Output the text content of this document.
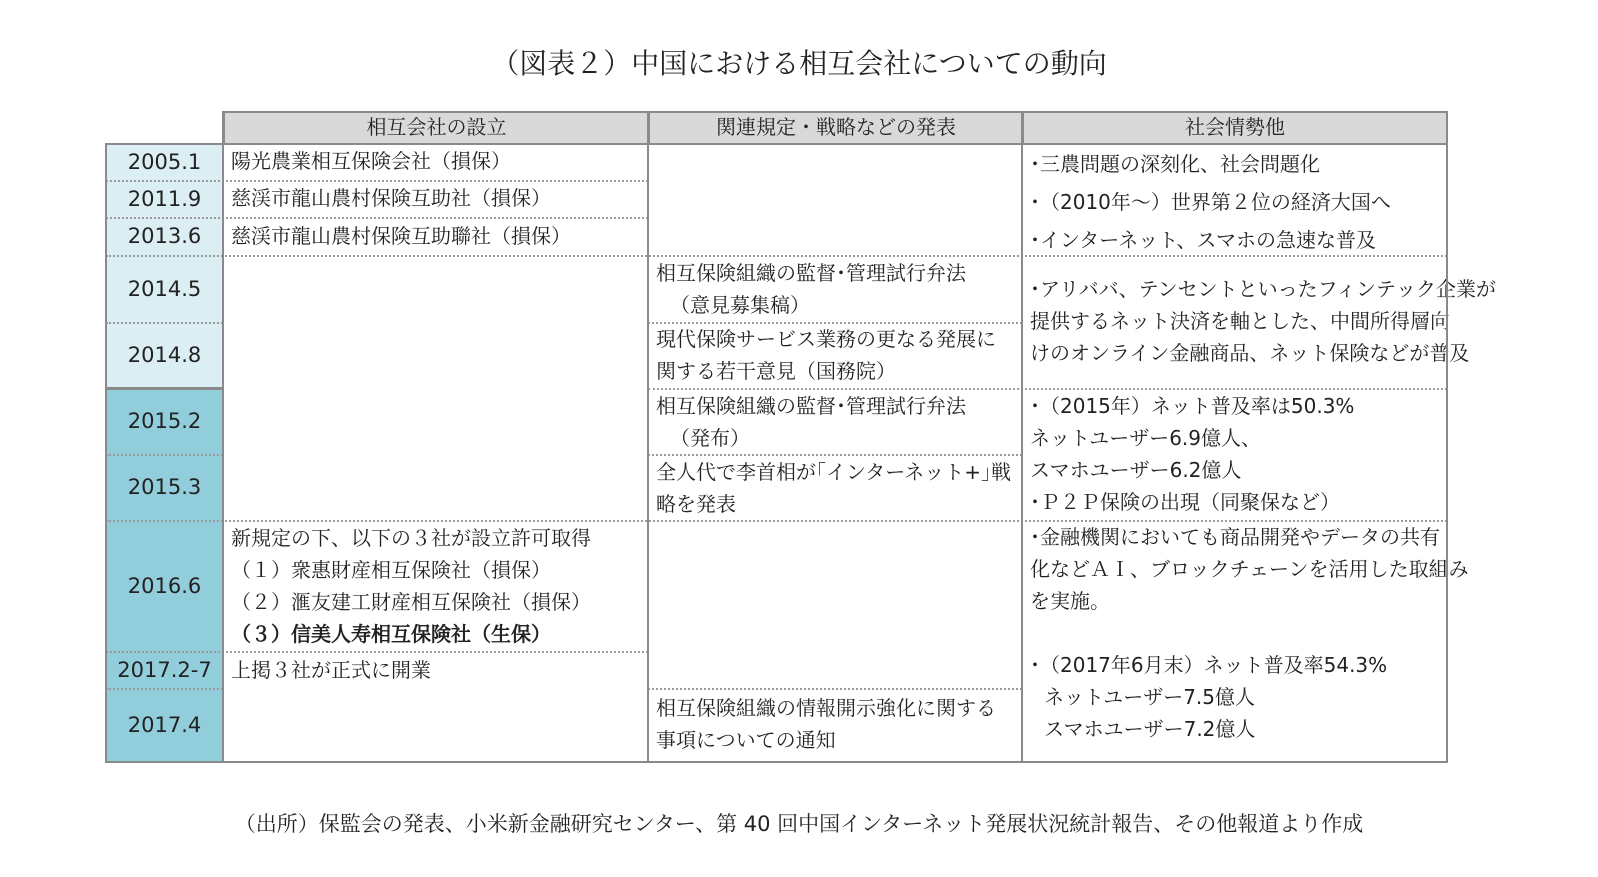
（図表２）中国における相互会社についての動向
相互会社の設立	関連規定・戦略などの発表	社会情勢他
2005.1
2011.9
2013.6
2014.5
2014.8
2015.2
2015.3
2016.6
2017.2-7
2017.4
陽光農業相互保険会社（損保）
慈渓市龍山農村保険互助社（損保）
慈渓市龍山農村保険互助聯社（損保）
新規定の下、以下の３社が設立許可取得
（１）衆惠財産相互保険社（損保）
（２）滙友建工財産相互保険社（損保）
（３）信美人寿相互保険社（生保）
上掲３社が正式に開業
相互保険組織の監督･管理試行弁法
（意見募集稿）
現代保険サービス業務の更なる発展に
関する若干意見（国務院）
相互保険組織の監督･管理試行弁法
（発布）
全人代で李首相が｢インターネット+｣戦
略を発表
相互保険組織の情報開示強化に関する
事項についての通知
･三農問題の深刻化、社会問題化
･（2010年～）世界第２位の経済大国へ
･インターネット、スマホの急速な普及
･アリババ、テンセントといったフィンテック企業が
提供するネット決済を軸とした、中間所得層向
けのオンライン金融商品、ネット保険などが普及
･（2015年）ネット普及率は50.3%
ネットユーザー6.9億人、
スマホユーザー6.2億人
･Ｐ２Ｐ保険の出現（同聚保など）
･金融機関においても商品開発やデータの共有
化などＡＩ、ブロックチェーンを活用した取組み
を実施。
･（2017年6月末）ネット普及率54.3%
ネットユーザー7.5億人
スマホユーザー7.2億人
（出所）保監会の発表、小米新金融研究センター、第 40 回中国インターネット発展状況統計報告、その他報道より作成
